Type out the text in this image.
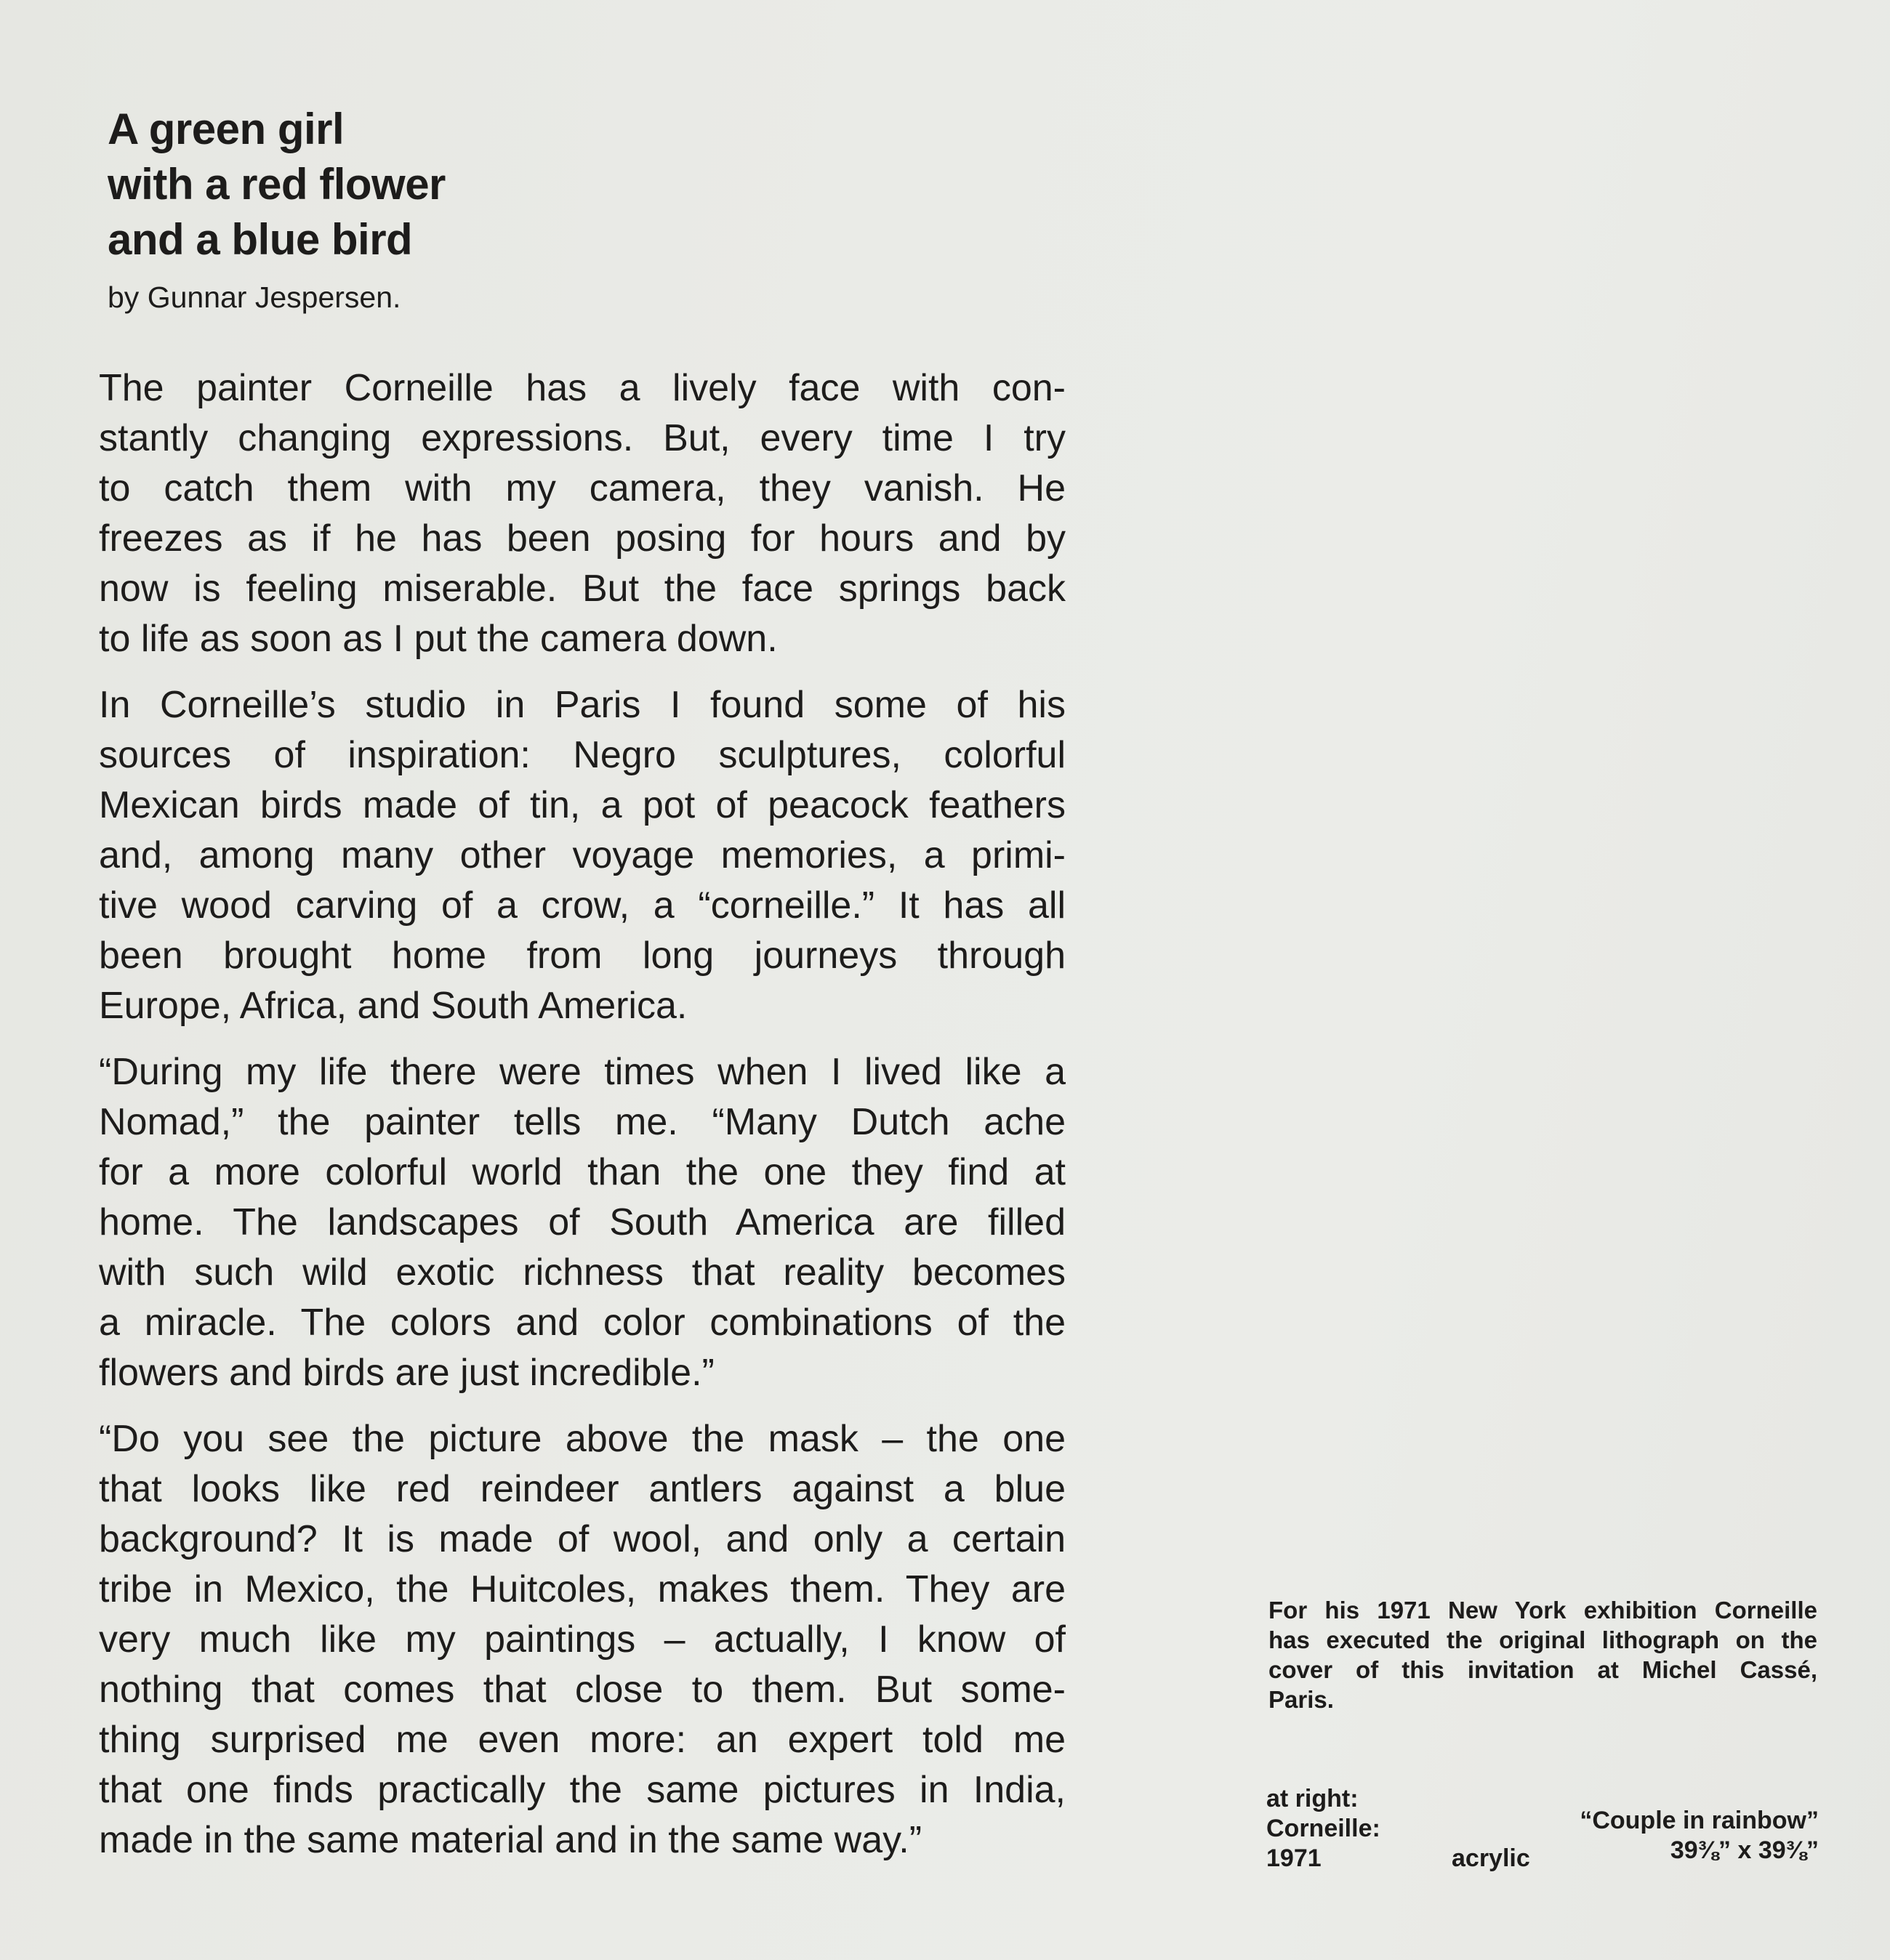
A green girl
with a red flower
and a blue bird
by Gunnar Jespersen.
The painter Corneille has a lively face with con-
stantly changing expressions. But, every time I try
to catch them with my camera, they vanish. He
freezes as if he has been posing for hours and by
now is feeling miserable. But the face springs back
to life as soon as I put the camera down.
In Corneille’s studio in Paris I found some of his
sources of inspiration: Negro sculptures, colorful
Mexican birds made of tin, a pot of peacock feathers
and, among many other voyage memories, a primi-
tive wood carving of a crow, a “corneille.” It has all
been brought home from long journeys through
Europe, Africa, and South America.
“During my life there were times when I lived like a
Nomad,” the painter tells me. “Many Dutch ache
for a more colorful world than the one they find at
home. The landscapes of South America are filled
with such wild exotic richness that reality becomes
a miracle. The colors and color combinations of the
flowers and birds are just incredible.”
“Do you see the picture above the mask – the one
that looks like red reindeer antlers against a blue
background? It is made of wool, and only a certain
tribe in Mexico, the Huitcoles, makes them. They are
very much like my paintings – actually, I know of
nothing that comes that close to them. But some-
thing surprised me even more: an expert told me
that one finds practically the same pictures in India,
made in the same material and in the same way.”
For his 1971 New York exhibition Corneille
has executed the original lithograph on the
cover of this invitation at Michel Cassé,
Paris.
at right:
Corneille:
1971	acrylic
“Couple in rainbow”
39⅜” x 39⅜”
